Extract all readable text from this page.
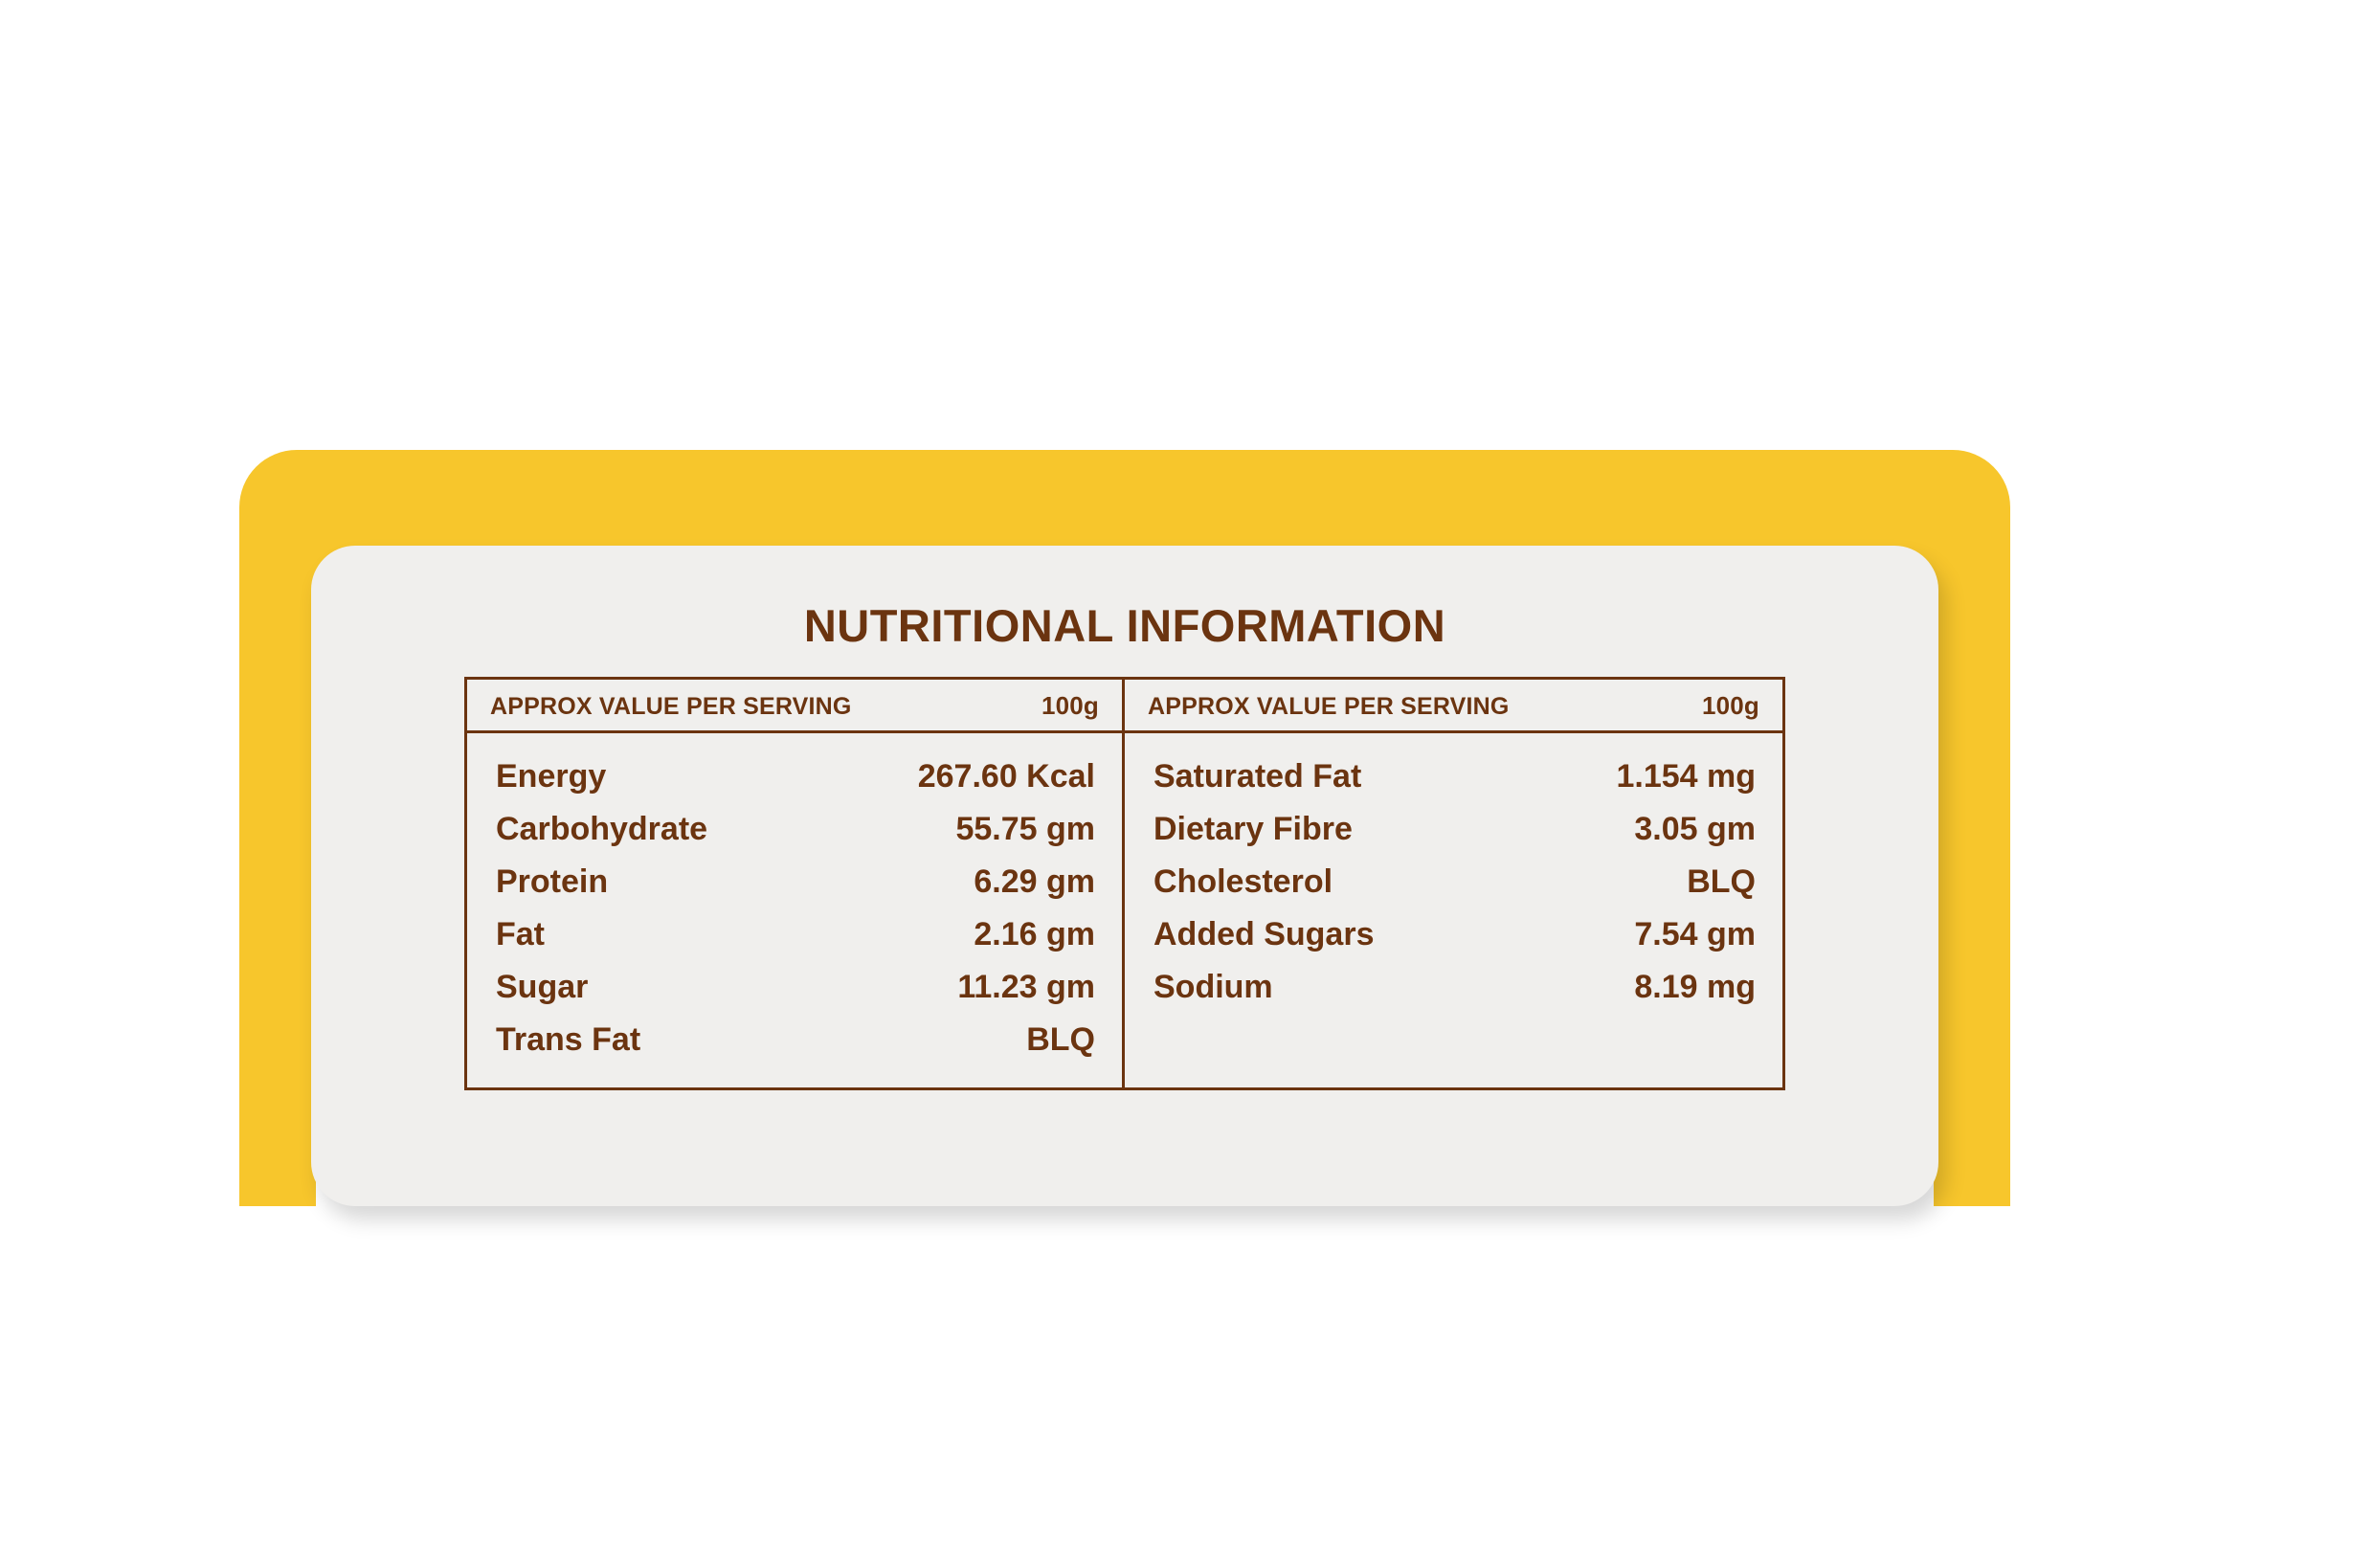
NUTRITIONAL INFORMATION
APPROX VALUE PER SERVING	100g
Energy	267.60 Kcal
Carbohydrate	55.75 gm
Protein	6.29 gm
Fat	2.16 gm
Sugar	11.23 gm
Trans Fat	BLQ
APPROX VALUE PER SERVING	100g
Saturated Fat	1.154 mg
Dietary Fibre	3.05 gm
Cholesterol	BLQ
Added Sugars	7.54 gm
Sodium	8.19 mg
